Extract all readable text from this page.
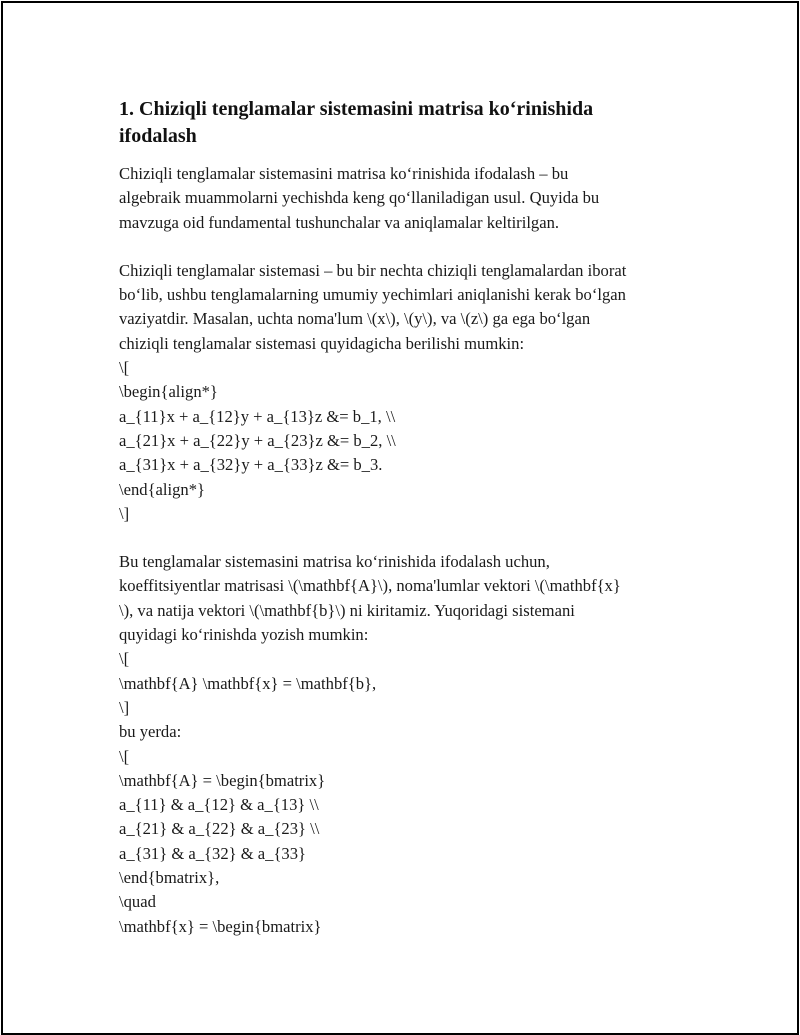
1. Chiziqli tenglamalar sistemasini matrisa ko‘rinishida
ifodalash

Chiziqli tenglamalar sistemasini matrisa ko‘rinishida ifodalash – bu
algebraik muammolarni yechishda keng qo‘llaniladigan usul. Quyida bu
mavzuga oid fundamental tushunchalar va aniqlamalar keltirilgan.

Chiziqli tenglamalar sistemasi – bu bir nechta chiziqli tenglamalardan iborat
bo‘lib, ushbu tenglamalarning umumiy yechimlari aniqlanishi kerak bo‘lgan
vaziyatdir. Masalan, uchta noma'lum \(x\), \(y\), va \(z\) ga ega bo‘lgan
chiziqli tenglamalar sistemasi quyidagicha berilishi mumkin:
\[
\begin{align*}
a_{11}x + a_{12}y + a_{13}z &= b_1, \\
a_{21}x + a_{22}y + a_{23}z &= b_2, \\
a_{31}x + a_{32}y + a_{33}z &= b_3.
\end{align*}
\]

Bu tenglamalar sistemasini matrisa ko‘rinishida ifodalash uchun,
koeffitsiyentlar matrisasi \(\mathbf{A}\), noma'lumlar vektori \(\mathbf{x}
\), va natija vektori \(\mathbf{b}\) ni kiritamiz. Yuqoridagi sistemani
quyidagi ko‘rinishda yozish mumkin:
\[
\mathbf{A} \mathbf{x} = \mathbf{b},
\]
bu yerda:
\[
\mathbf{A} = \begin{bmatrix}
a_{11} & a_{12} & a_{13} \\
a_{21} & a_{22} & a_{23} \\
a_{31} & a_{32} & a_{33}
\end{bmatrix},
\quad
\mathbf{x} = \begin{bmatrix}
